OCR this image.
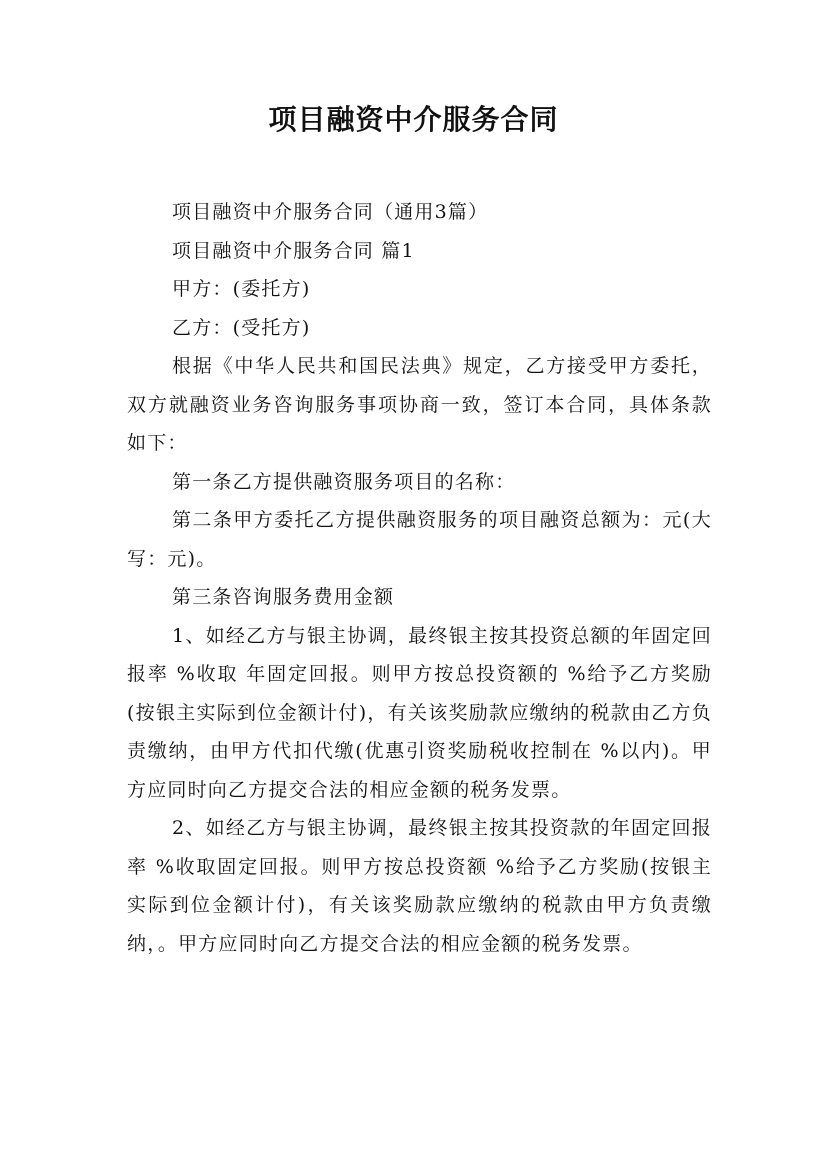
项目融资中介服务合同

项目融资中介服务合同（通用3篇）

项目融资中介服务合同 篇1

甲方：(委托方)

乙方：(受托方)

根据《中华人民共和国民法典》规定，乙方接受甲方委托，双方就融资业务咨询服务事项协商一致，签订本合同，具体条款如下：

第一条乙方提供融资服务项目的名称：

第二条甲方委托乙方提供融资服务的项目融资总额为：元(大写：元)。

第三条咨询服务费用金额

1、如经乙方与银主协调，最终银主按其投资总额的年固定回报率 %收取 年固定回报。则甲方按总投资额的 %给予乙方奖励(按银主实际到位金额计付)，有关该奖励款应缴纳的税款由乙方负责缴纳，由甲方代扣代缴(优惠引资奖励税收控制在 %以内)。甲方应同时向乙方提交合法的相应金额的税务发票。

2、如经乙方与银主协调，最终银主按其投资款的年固定回报率 %收取固定回报。则甲方按总投资额 %给予乙方奖励(按银主实际到位金额计付)，有关该奖励款应缴纳的税款由甲方负责缴纳，。甲方应同时向乙方提交合法的相应金额的税务发票。
